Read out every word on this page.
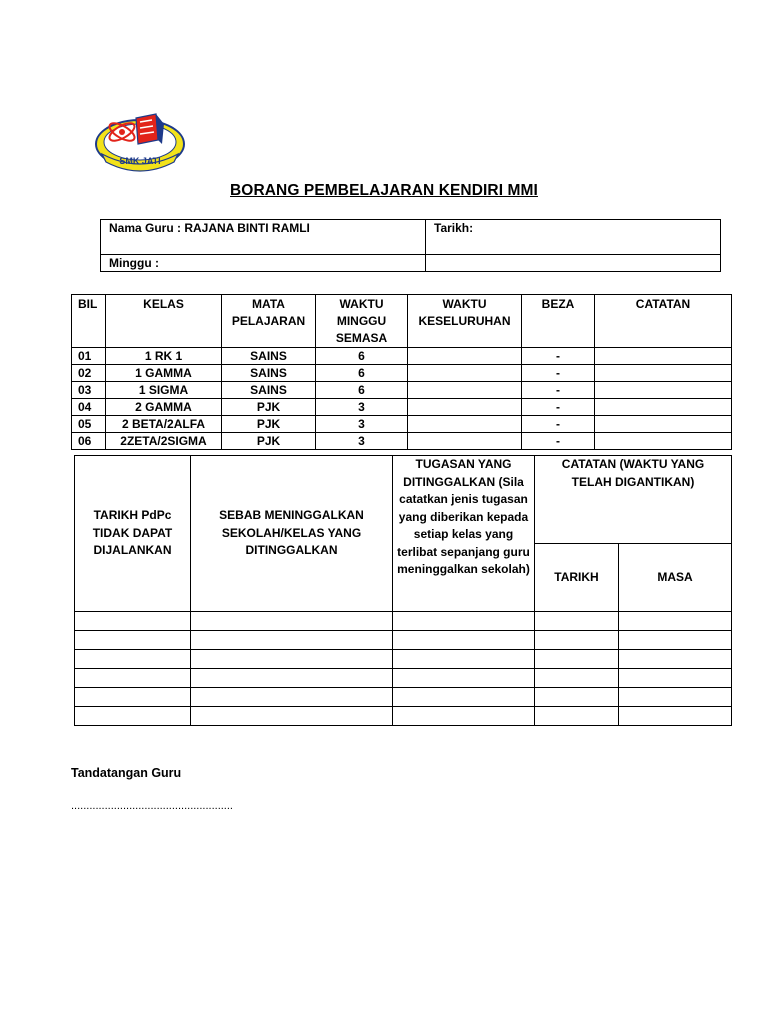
SMK JATI
BORANG PEMBELAJARAN KENDIRI MMI
Nama Guru : RAJANA BINTI RAMLI	Tarikh:
Minggu :	
BIL	KELAS	MATA PELAJARAN	WAKTU MINGGU SEMASA	WAKTU KESELURUHAN	BEZA	CATATAN
01	1 RK 1	SAINS	6		-	
02	1 GAMMA	SAINS	6		-	
03	1 SIGMA	SAINS	6		-	
04	2 GAMMA	PJK	3		-	
05	2 BETA/2ALFA	PJK	3		-	
06	2ZETA/2SIGMA	PJK	3		-	
TARIKH PdPc TIDAK DAPAT DIJALANKAN	SEBAB MENINGGALKAN SEKOLAH/KELAS YANG DITINGGALKAN	TUGASAN YANG DITINGGALKAN (Sila catatkan jenis tugasan yang diberikan kepada setiap kelas yang terlibat sepanjang guru meninggalkan sekolah)	CATATAN (WAKTU YANG TELAH DIGANTIKAN)	
			TARIKH	MASA

Tandatangan Guru
.....................................................
